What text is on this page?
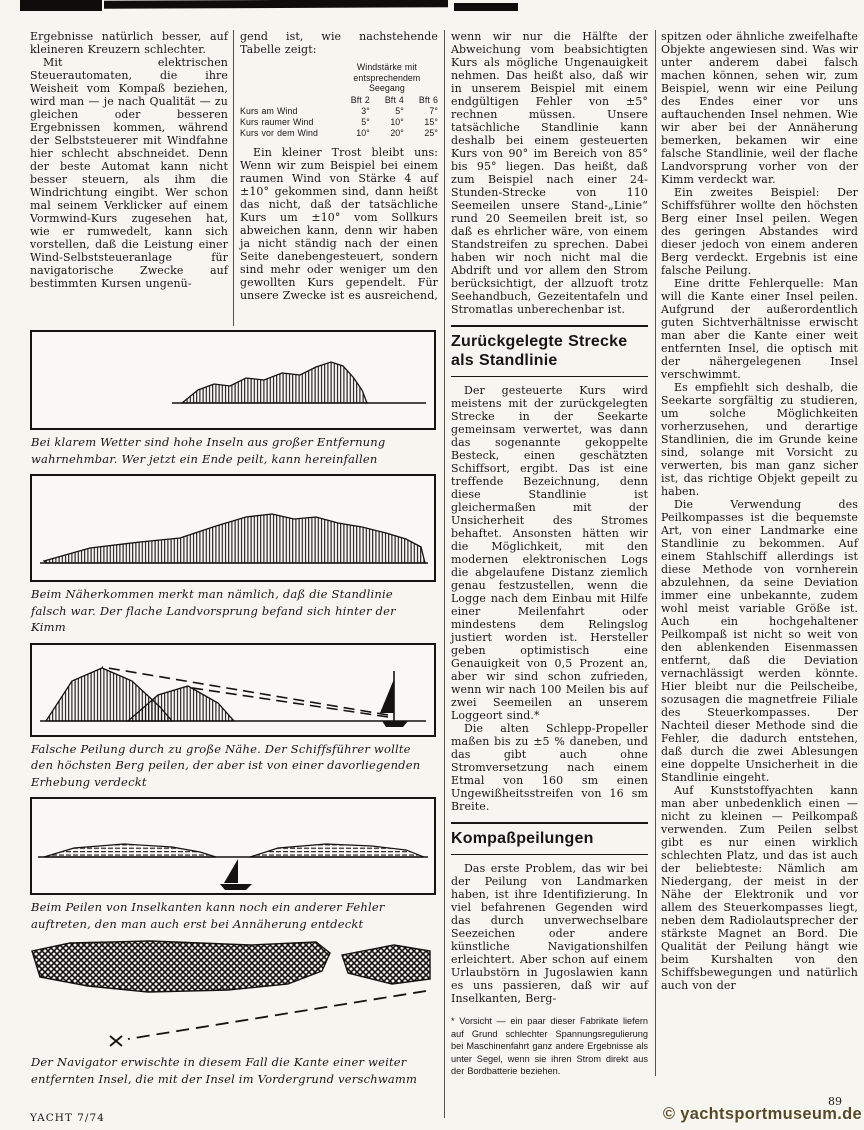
Ergebnisse natürlich besser, auf kleineren Kreuzern schlechter.

Mit elektrischen Steuerautomaten, die ihre Weisheit vom Kompaß beziehen, wird man — je nach Qualität — zu gleichen oder besseren Ergebnissen kommen, während der Selbststeuerer mit Windfahne hier schlecht abschneidet. Denn der beste Automat kann nicht besser steuern, als ihm die Windrichtung eingibt. Wer schon mal seinem Verklicker auf einem Vormwind-Kurs zugesehen hat, wie er rumwedelt, kann sich vorstellen, daß die Leistung einer Wind-Selbststeueranlage für navigatorische Zwecke auf bestimmten Kursen ungenü-

gend ist, wie nachstehende Tabelle zeigt:

	Windstärke mit entsprechendem Seegang		
	Bft 2	Bft 4	Bft 6
Kurs am Wind	3°	5°	7°
Kurs raumer Wind	5°	10°	15°
Kurs vor dem Wind	10°	20°	25°

Ein kleiner Trost bleibt uns: Wenn wir zum Beispiel bei einem raumen Wind von Stärke 4 auf ±10° gekommen sind, dann heißt das nicht, daß der tatsächliche Kurs um ±10° vom Sollkurs abweichen kann, denn wir haben ja nicht ständig nach der einen Seite danebengesteuert, sondern sind mehr oder weniger um den gewollten Kurs gependelt. Für unsere Zwecke ist es ausreichend,

wenn wir nur die Hälfte der Abweichung vom beabsichtigten Kurs als mögliche Ungenauigkeit nehmen. Das heißt also, daß wir in unserem Beispiel mit einem endgültigen Fehler von ±5° rechnen müssen. Unsere tatsächliche Standlinie kann deshalb bei einem gesteuerten Kurs von 90° im Bereich von 85° bis 95° liegen. Das heißt, daß zum Beispiel nach einer 24-Stunden-Strecke von 110 Seemeilen unsere Stand-„Linie“ rund 20 Seemeilen breit ist, so daß es ehrlicher wäre, von einem Standstreifen zu sprechen. Dabei haben wir noch nicht mal die Abdrift und vor allem den Strom berücksichtigt, der allzuoft trotz Seehandbuch, Gezeitentafeln und Stromatlas unberechenbar ist.

Zurückgelegte Strecke als Standlinie

Der gesteuerte Kurs wird meistens mit der zurückgelegten Strecke in der Seekarte gemeinsam verwertet, was dann das sogenannte gekoppelte Besteck, einen geschätzten Schiffsort, ergibt. Das ist eine treffende Bezeichnung, denn diese Standlinie ist gleichermaßen mit der Unsicherheit des Stromes behaftet. Ansonsten hätten wir die Möglichkeit, mit den modernen elektronischen Logs die abgelaufene Distanz ziemlich genau festzustellen, wenn die Logge nach dem Einbau mit Hilfe einer Meilenfahrt oder mindestens dem Relingslog justiert worden ist. Hersteller geben optimistisch eine Genauigkeit von 0,5 Prozent an, aber wir sind schon zufrieden, wenn wir nach 100 Meilen bis auf zwei Seemeilen an unserem Loggeort sind.*

Die alten Schlepp-Propeller maßen bis zu ±5 % daneben, und das gibt auch ohne Stromversetzung nach einem Etmal von 160 sm einen Ungewißheitsstreifen von 16 sm Breite.

Kompaßpeilungen

Das erste Problem, das wir bei der Peilung von Landmarken haben, ist ihre Identifizierung. In viel befahrenen Gegenden wird das durch unverwechselbare Seezeichen oder andere künstliche Navigationshilfen erleichtert. Aber schon auf einem Urlaubstörn in Jugoslawien kann es uns passieren, daß wir auf Inselkanten, Berg-

* Vorsicht — ein paar dieser Fabrikate liefern auf Grund schlechter Spannungsregulierung bei Maschinenfahrt ganz andere Ergebnisse als unter Segel, wenn sie ihren Strom direkt aus der Bordbatterie beziehen.

spitzen oder ähnliche zweifelhafte Objekte angewiesen sind. Was wir unter anderem dabei falsch machen können, sehen wir, zum Beispiel, wenn wir eine Peilung des Endes einer vor uns auftauchenden Insel nehmen. Wie wir aber bei der Annäherung bemerken, bekamen wir eine falsche Standlinie, weil der flache Landvorsprung vorher von der Kimm verdeckt war.

Ein zweites Beispiel: Der Schiffsführer wollte den höchsten Berg einer Insel peilen. Wegen des geringen Abstandes wird dieser jedoch von einem anderen Berg verdeckt. Ergebnis ist eine falsche Peilung.

Eine dritte Fehlerquelle: Man will die Kante einer Insel peilen. Aufgrund der außerordentlich guten Sichtverhältnisse erwischt man aber die Kante einer weit entfernten Insel, die optisch mit der nähergelegenen Insel verschwimmt.

Es empfiehlt sich deshalb, die Seekarte sorgfältig zu studieren, um solche Möglichkeiten vorherzusehen, und derartige Standlinien, die im Grunde keine sind, solange mit Vorsicht zu verwerten, bis man ganz sicher ist, das richtige Objekt gepeilt zu haben.

Die Verwendung des Peilkompasses ist die bequemste Art, von einer Landmarke eine Standlinie zu bekommen. Auf einem Stahlschiff allerdings ist diese Methode von vornherein abzulehnen, da seine Deviation immer eine unbekannte, zudem wohl meist variable Größe ist. Auch ein hochgehaltener Peilkompaß ist nicht so weit von den ablenkenden Eisenmassen entfernt, daß die Deviation vernachlässigt werden könnte. Hier bleibt nur die Peilscheibe, sozusagen die magnetfreie Filiale des Steuerkompasses. Der Nachteil dieser Methode sind die Fehler, die dadurch entstehen, daß durch die zwei Ablesungen eine doppelte Unsicherheit in die Standlinie eingeht.

Auf Kunststoffyachten kann man aber unbedenklich einen — nicht zu kleinen — Peilkompaß verwenden. Zum Peilen selbst gibt es nur einen wirklich schlechten Platz, und das ist auch der beliebteste: Nämlich am Niedergang, der meist in der Nähe der Elektronik und vor allem des Steuerkompasses liegt, neben dem Radiolautsprecher der stärkste Magnet an Bord. Die Qualität der Peilung hängt wie beim Kurshalten von den Schiffsbewegungen und natürlich auch von der

Bei klarem Wetter sind hohe Inseln aus großer Entfernung wahrnehmbar. Wer jetzt ein Ende peilt, kann hereinfallen
Beim Näherkommen merkt man nämlich, daß die Standlinie falsch war. Der flache Landvorsprung befand sich hinter der Kimm
Falsche Peilung durch zu große Nähe. Der Schiffsführer wollte den höchsten Berg peilen, der aber ist von einer davorliegenden Erhebung verdeckt
Beim Peilen von Inselkanten kann noch ein anderer Fehler auftreten, den man auch erst bei Annäherung entdeckt
Der Navigator erwischte in diesem Fall die Kante einer weiter entfernten Insel, die mit der Insel im Vordergrund verschwamm
YACHT 7/74
89
© yachtsportmuseum.de
